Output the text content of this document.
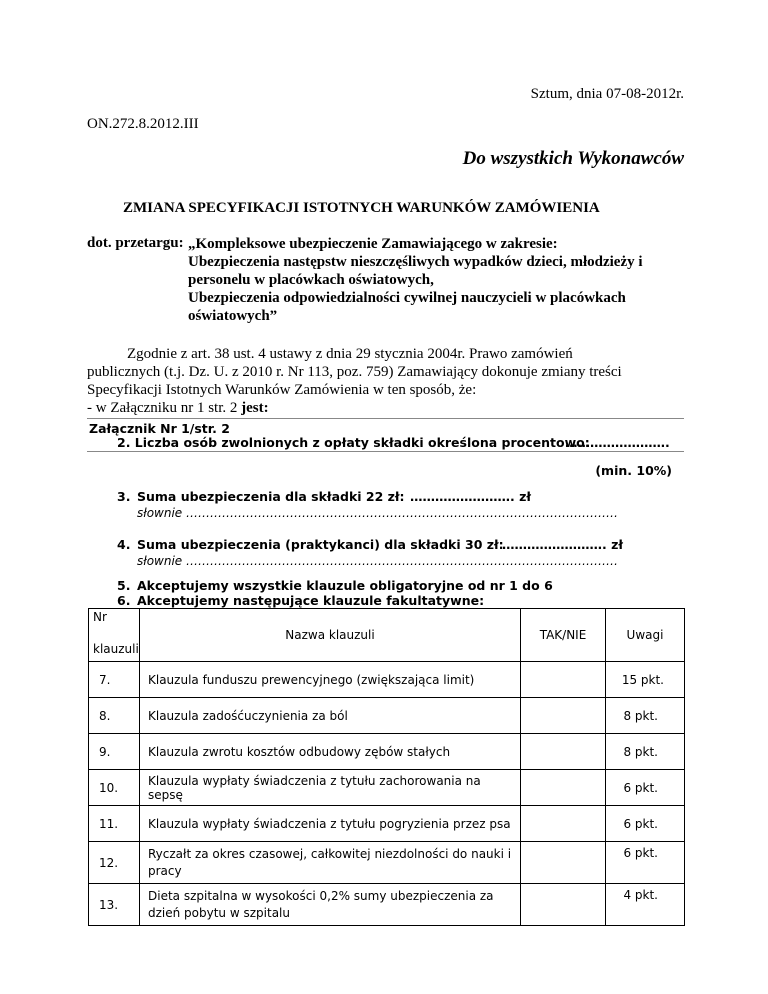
Sztum, dnia 07-08-2012r.
ON.272.8.2012.III
Do wszystkich Wykonawców
ZMIANA SPECYFIKACJI ISTOTNYCH WARUNKÓW ZAMÓWIENIA
dot. przetargu: „Kompleksowe ubezpieczenie Zamawiającego w zakresie:
Ubezpieczenia następstw nieszczęśliwych wypadków dzieci, młodzieży i
personelu w placówkach oświatowych,
Ubezpieczenia odpowiedzialności cywilnej nauczycieli w placówkach
oświatowych”
Zgodnie z art. 38 ust. 4 ustawy z dnia 29 stycznia 2004r. Prawo zamówień
publicznych (t.j. Dz. U. z 2010 r. Nr 113, poz. 759) Zamawiający dokonuje zmiany treści
Specyfikacji Istotnych Warunków Zamówienia w ten sposób, że:
- w Załączniku nr 1 str. 2 jest:
Załącznik Nr 1/str. 2
2. Liczba osób zwolnionych z opłaty składki określona procentowo:
…………………….
(min. 10%)
3. Suma ubezpieczenia dla składki 22 zł: ……………………. zł
słownie ………………………………………………………………………………………………
4. Suma ubezpieczenia (praktykanci) dla składki 30 zł:
……………………. zł
słownie ………………………………………………………………………………………………
5. Akceptujemy wszystkie klauzule obligatoryjne od nr 1 do 6
6. Akceptujemy następujące klauzule fakultatywne:
Nr
klauzuli	Nazwa klauzuli	TAK/NIE	Uwagi
7.	Klauzula funduszu prewencyjnego (zwiększająca limit)		15 pkt.
8.	Klauzula zadośćuczynienia za ból		8 pkt.
9.	Klauzula zwrotu kosztów odbudowy zębów stałych		8 pkt.
10.	Klauzula wypłaty świadczenia z tytułu zachorowania na sepsę		6 pkt.
11.	Klauzula wypłaty świadczenia z tytułu pogryzienia przez psa		6 pkt.
12.	Ryczałt za okres czasowej, całkowitej niezdolności do nauki i pracy		6 pkt.
13.	Dieta szpitalna w wysokości 0,2% sumy ubezpieczenia za dzień pobytu w szpitalu		4 pkt.
